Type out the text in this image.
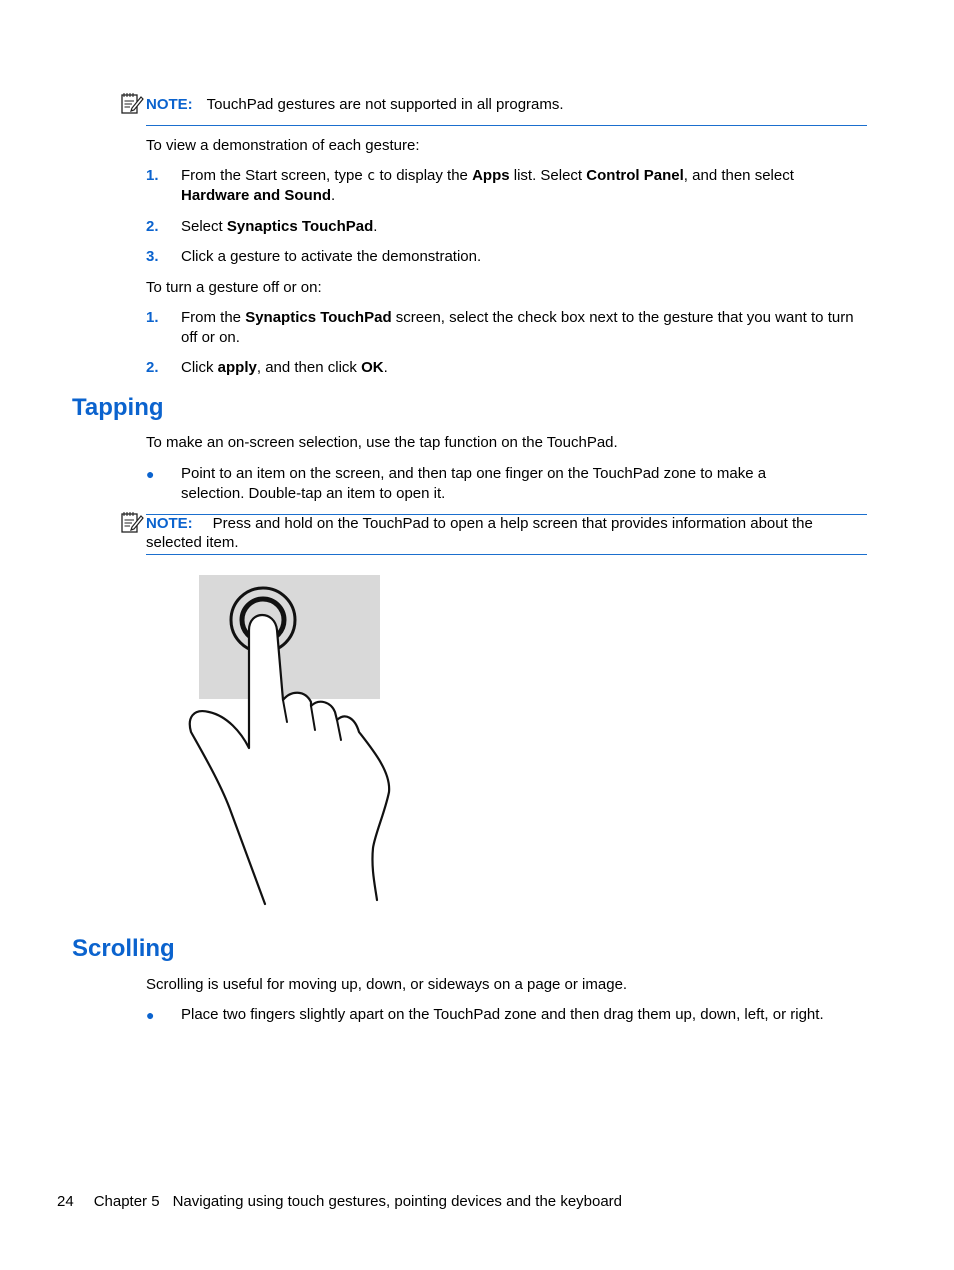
NOTE: TouchPad gestures are not supported in all programs.
To view a demonstration of each gesture:
1. From the Start screen, type c to display the Apps list. Select Control Panel, and then select
Hardware and Sound.
2. Select Synaptics TouchPad.
3. Click a gesture to activate the demonstration.
To turn a gesture off or on:
1. From the Synaptics TouchPad screen, select the check box next to the gesture that you want to turn off or on.
2. Click apply, and then click OK.
Tapping
To make an on-screen selection, use the tap function on the TouchPad.
● Point to an item on the screen, and then tap one finger on the TouchPad zone to make a selection. Double-tap an item to open it.
NOTE: Press and hold on the TouchPad to open a help screen that provides information about the selected item.
Scrolling
Scrolling is useful for moving up, down, or sideways on a page or image.
● Place two fingers slightly apart on the TouchPad zone and then drag them up, down, left, or right.
24 Chapter 5 Navigating using touch gestures, pointing devices and the keyboard
